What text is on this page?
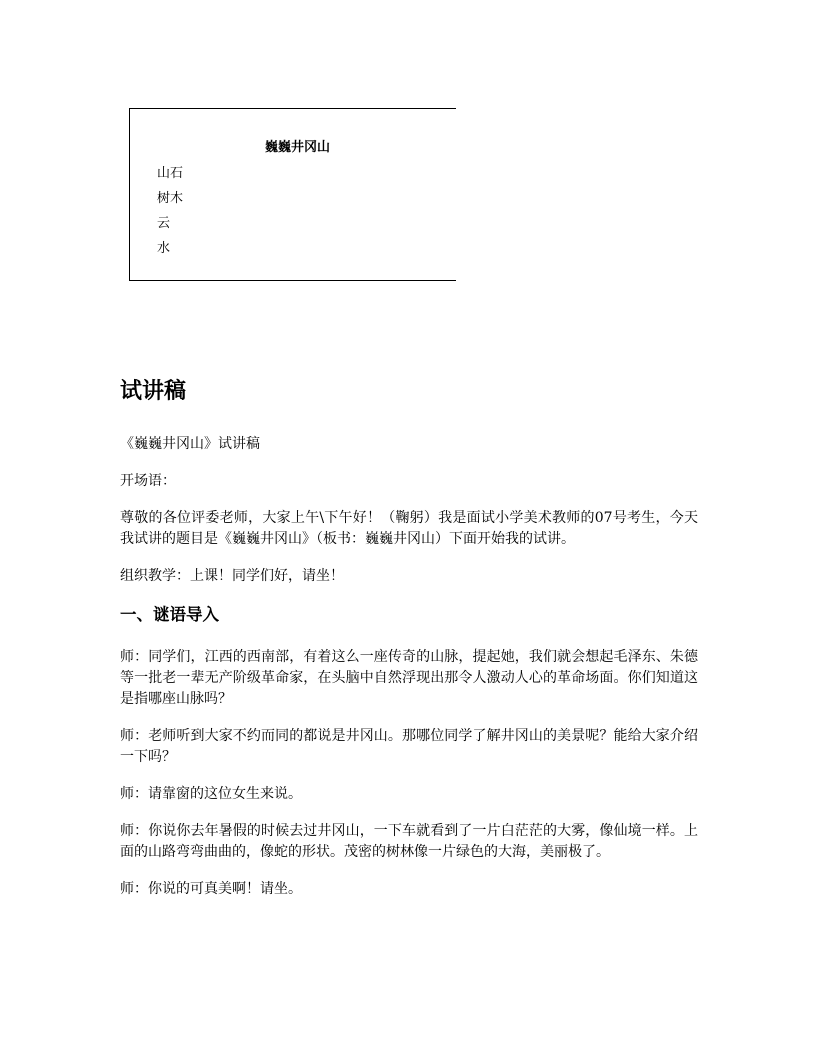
巍巍井冈山
山石
树木
云
水
试讲稿

《巍巍井冈山》试讲稿

开场语：

尊敬的各位评委老师，大家上午\下午好！（鞠躬）我是面试小学美术教师的07号考生，今天我试讲的题目是《巍巍井冈山》（板书：巍巍井冈山）下面开始我的试讲。

组织教学：上课！同学们好，请坐！

一、谜语导入

师：同学们，江西的西南部，有着这么一座传奇的山脉，提起她，我们就会想起毛泽东、朱德等一批老一辈无产阶级革命家，在头脑中自然浮现出那令人激动人心的革命场面。你们知道这是指哪座山脉吗？

师：老师听到大家不约而同的都说是井冈山。那哪位同学了解井冈山的美景呢？能给大家介绍一下吗？

师：请靠窗的这位女生来说。

师：你说你去年暑假的时候去过井冈山，一下车就看到了一片白茫茫的大雾，像仙境一样。上面的山路弯弯曲曲的，像蛇的形状。茂密的树林像一片绿色的大海，美丽极了。

师：你说的可真美啊！请坐。
